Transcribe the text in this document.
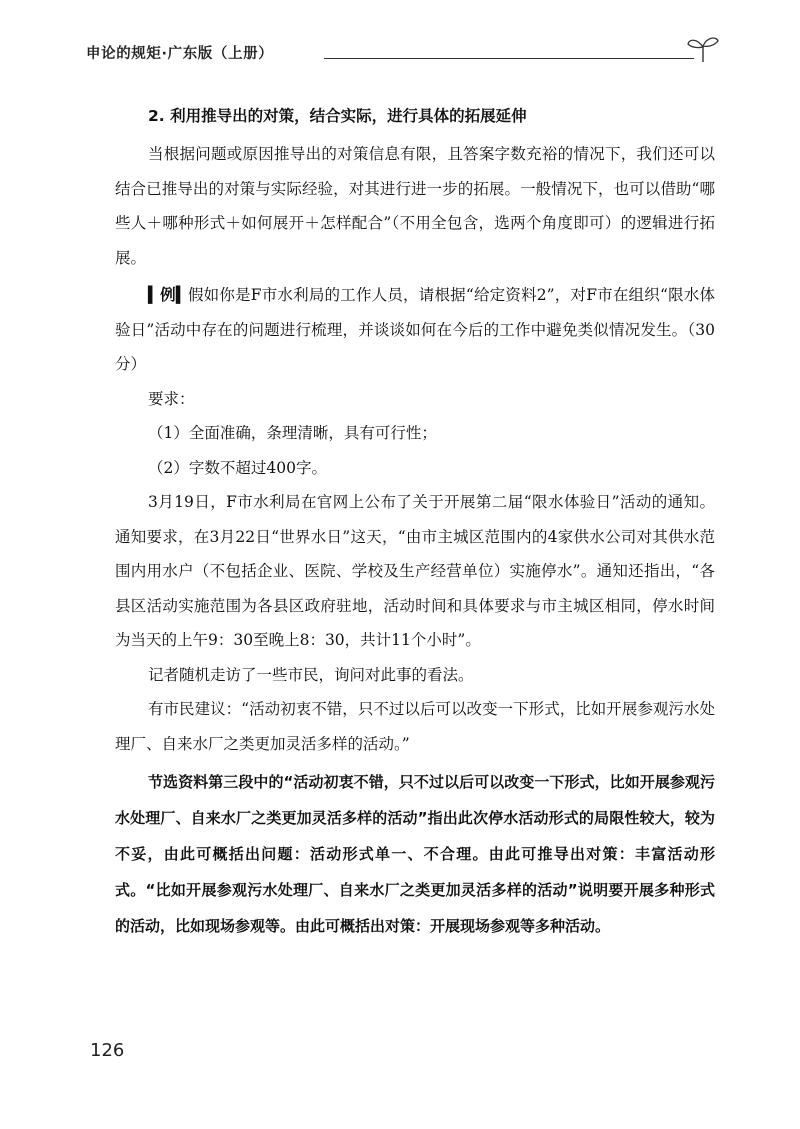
申论的规矩·广东版（上册）

2. 利用推导出的对策，结合实际，进行具体的拓展延伸

当根据问题或原因推导出的对策信息有限，且答案字数充裕的情况下，我们还可以结合已推导出的对策与实际经验，对其进行进一步的拓展。一般情况下，也可以借助“哪些人＋哪种形式＋如何展开＋怎样配合”（不用全包含，选两个角度即可）的逻辑进行拓展。

▍例▍假如你是F市水利局的工作人员，请根据“给定资料2”，对F市在组织“限水体验日”活动中存在的问题进行梳理，并谈谈如何在今后的工作中避免类似情况发生。（30分）

要求：

（1）全面准确，条理清晰，具有可行性；

（2）字数不超过400字。

3月19日，F市水利局在官网上公布了关于开展第二届“限水体验日”活动的通知。通知要求，在3月22日“世界水日”这天，“由市主城区范围内的4家供水公司对其供水范围内用水户（不包括企业、医院、学校及生产经营单位）实施停水”。通知还指出，“各县区活动实施范围为各县区政府驻地，活动时间和具体要求与市主城区相同，停水时间为当天的上午9：30至晚上8：30，共计11个小时”。

记者随机走访了一些市民，询问对此事的看法。

有市民建议：“活动初衷不错，只不过以后可以改变一下形式，比如开展参观污水处理厂、自来水厂之类更加灵活多样的活动。”

节选资料第三段中的“活动初衷不错，只不过以后可以改变一下形式，比如开展参观污水处理厂、自来水厂之类更加灵活多样的活动”指出此次停水活动形式的局限性较大，较为不妥，由此可概括出问题：活动形式单一、不合理。由此可推导出对策：丰富活动形式。“比如开展参观污水处理厂、自来水厂之类更加灵活多样的活动”说明要开展多种形式的活动，比如现场参观等。由此可概括出对策：开展现场参观等多种活动。

126
